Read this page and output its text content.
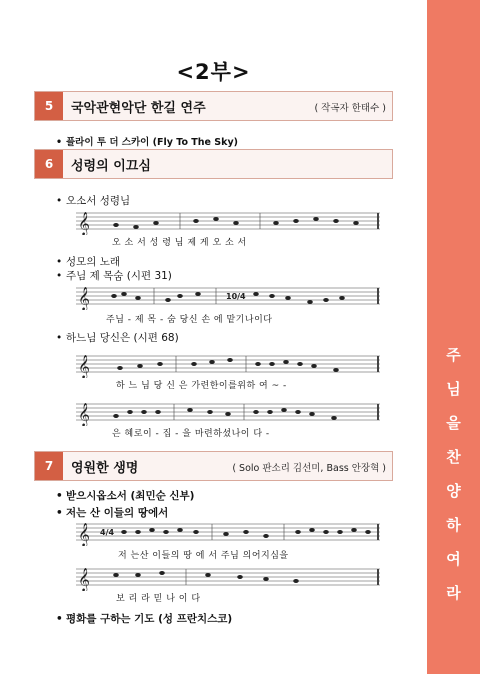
주
님
을
찬
양
하
여
라
<2부>
5	국악관현악단 한길 연주	( 작곡자 한태수 )
• 플라이 투 더 스카이 (Fly To The Sky)
6	성령의 이끄심
• 오소서 성령님
𝄞
오 소 서 성 령 님 제 게 오 소 서
• 성모의 노래
• 주님 제 목숨 (시편 31)
𝄞	10/4
주님 - 제 목 - 숨 당신 손 에 맡기나이다
• 하느님 당신은 (시편 68)
𝄞
하 느 님 당 신 은 가련한이를위하 여 ~ -
𝄞
은 혜로이 - 집 - 을 마련하셨나이 다 -
7	영원한 생명	( Solo 판소리 김선미, Bass 안장혁 )
• 받으시옵소서 (최민순 신부)
• 저는 산 이들의 땅에서
𝄞 4/4
저 는산 이들의 땅 에 서 주님 의어지심을
𝄞
보 리 라 믿 나 이 다
• 평화를 구하는 기도 (성 프란치스코)
